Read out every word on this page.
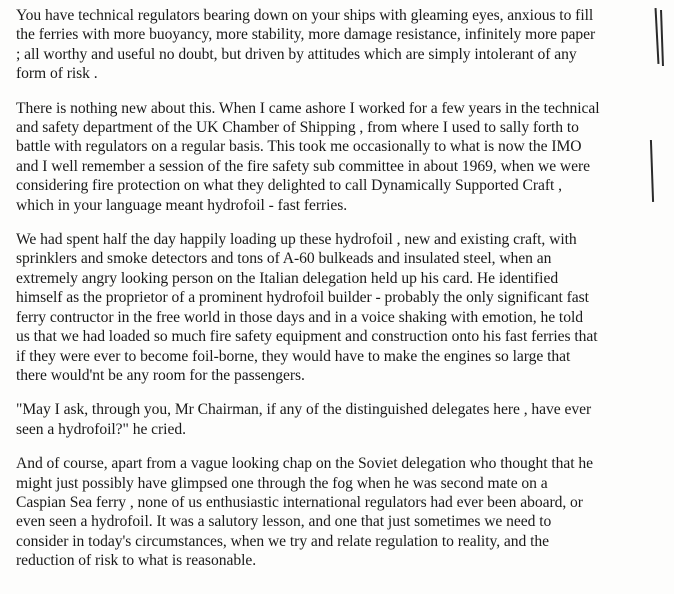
You have technical regulators bearing down on your ships with gleaming eyes, anxious to fill
the ferries with more buoyancy, more stability, more damage resistance, infinitely more paper
; all worthy and useful no doubt, but driven by attitudes which are simply intolerant of any
form of risk .
There is nothing new about this. When I came ashore I worked for a few years in the technical
and safety department of the UK Chamber of Shipping , from where I used to sally forth to
battle with regulators on a regular basis. This took me occasionally to what is now the IMO
and I well remember a session of the fire safety sub committee in about 1969, when we were
considering fire protection on what they delighted to call Dynamically Supported Craft ,
which in your language meant hydrofoil - fast ferries.
We had spent half the day happily loading up these hydrofoil , new and existing craft, with
sprinklers and smoke detectors and tons of A-60 bulkeads and insulated steel, when an
extremely angry looking person on the Italian delegation held up his card. He identified
himself as the proprietor of a prominent hydrofoil builder - probably the only significant fast
ferry contructor in the free world in those days and in a voice shaking with emotion, he told
us that we had loaded so much fire safety equipment and construction onto his fast ferries that
if they were ever to become foil-borne, they would have to make the engines so large that
there would'nt be any room for the passengers.
"May I ask, through you, Mr Chairman, if any of the distinguished delegates here , have ever
seen a hydrofoil?" he cried.
And of course, apart from a vague looking chap on the Soviet delegation who thought that he
might just possibly have glimpsed one through the fog when he was second mate on a
Caspian Sea ferry , none of us enthusiastic international regulators had ever been aboard, or
even seen a hydrofoil. It was a salutory lesson, and one that just sometimes we need to
consider in today's circumstances, when we try and relate regulation to reality, and the
reduction of risk to what is reasonable.
